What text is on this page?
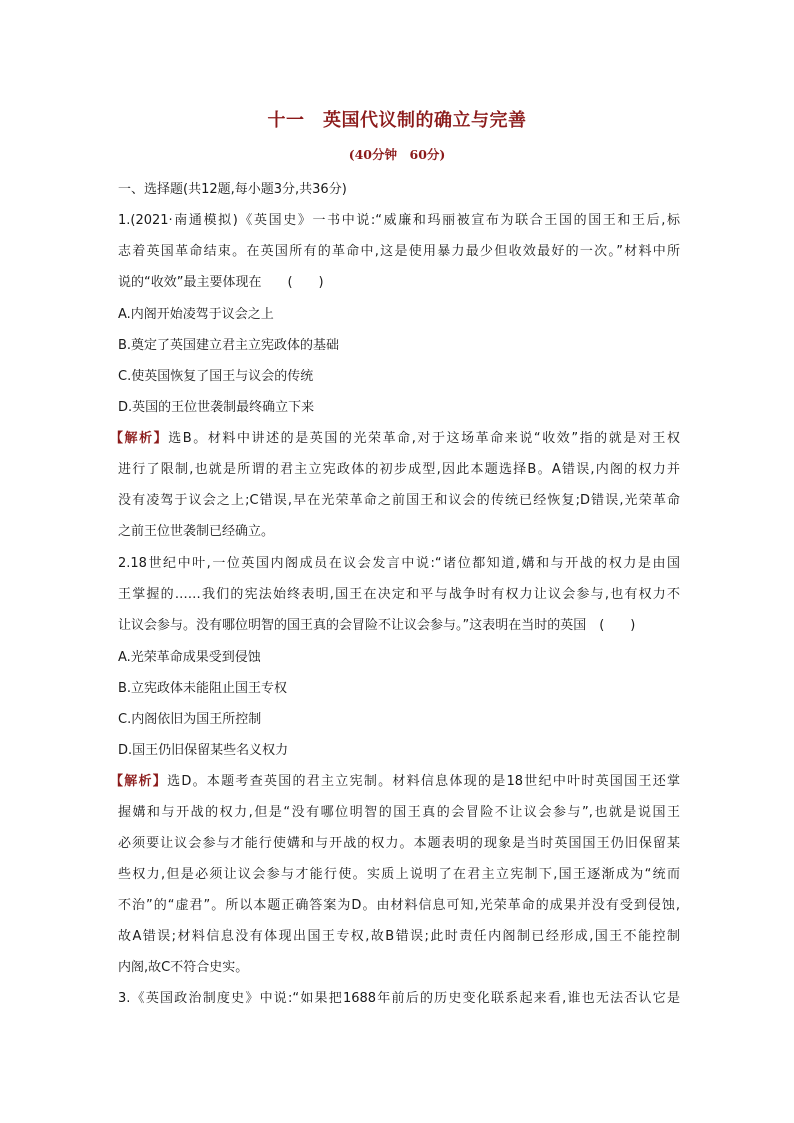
十一　英国代议制的确立与完善
(40分钟　60分)
一、选择题(共12题,每小题3分,共36分)
1.(2021·南通模拟)《英国史》一书中说:“威廉和玛丽被宣布为联合王国的国王和王后,标
志着英国革命结束。在英国所有的革命中,这是使用暴力最少但收效最好的一次。”材料中所
说的“收效”最主要体现在　　(　　)
A.内阁开始凌驾于议会之上
B.奠定了英国建立君主立宪政体的基础
C.使英国恢复了国王与议会的传统
D.英国的王位世袭制最终确立下来
【解析】选B。材料中讲述的是英国的光荣革命,对于这场革命来说“收效”指的就是对王权
进行了限制,也就是所谓的君主立宪政体的初步成型,因此本题选择B。A错误,内阁的权力并
没有凌驾于议会之上;C错误,早在光荣革命之前国王和议会的传统已经恢复;D错误,光荣革命
之前王位世袭制已经确立。
2.18世纪中叶,一位英国内阁成员在议会发言中说:“诸位都知道,媾和与开战的权力是由国
王掌握的……我们的宪法始终表明,国王在决定和平与战争时有权力让议会参与,也有权力不
让议会参与。没有哪位明智的国王真的会冒险不让议会参与。”这表明在当时的英国　(　　)
A.光荣革命成果受到侵蚀
B.立宪政体未能阻止国王专权
C.内阁依旧为国王所控制
D.国王仍旧保留某些名义权力
【解析】选D。本题考查英国的君主立宪制。材料信息体现的是18世纪中叶时英国国王还掌
握媾和与开战的权力,但是“没有哪位明智的国王真的会冒险不让议会参与”,也就是说国王
必须要让议会参与才能行使媾和与开战的权力。本题表明的现象是当时英国国王仍旧保留某
些权力,但是必须让议会参与才能行使。实质上说明了在君主立宪制下,国王逐渐成为“统而
不治”的“虚君”。所以本题正确答案为D。由材料信息可知,光荣革命的成果并没有受到侵蚀,
故A错误;材料信息没有体现出国王专权,故B错误;此时责任内阁制已经形成,国王不能控制
内阁,故C不符合史实。
3.《英国政治制度史》中说:“如果把1688年前后的历史变化联系起来看,谁也无法否认它是
